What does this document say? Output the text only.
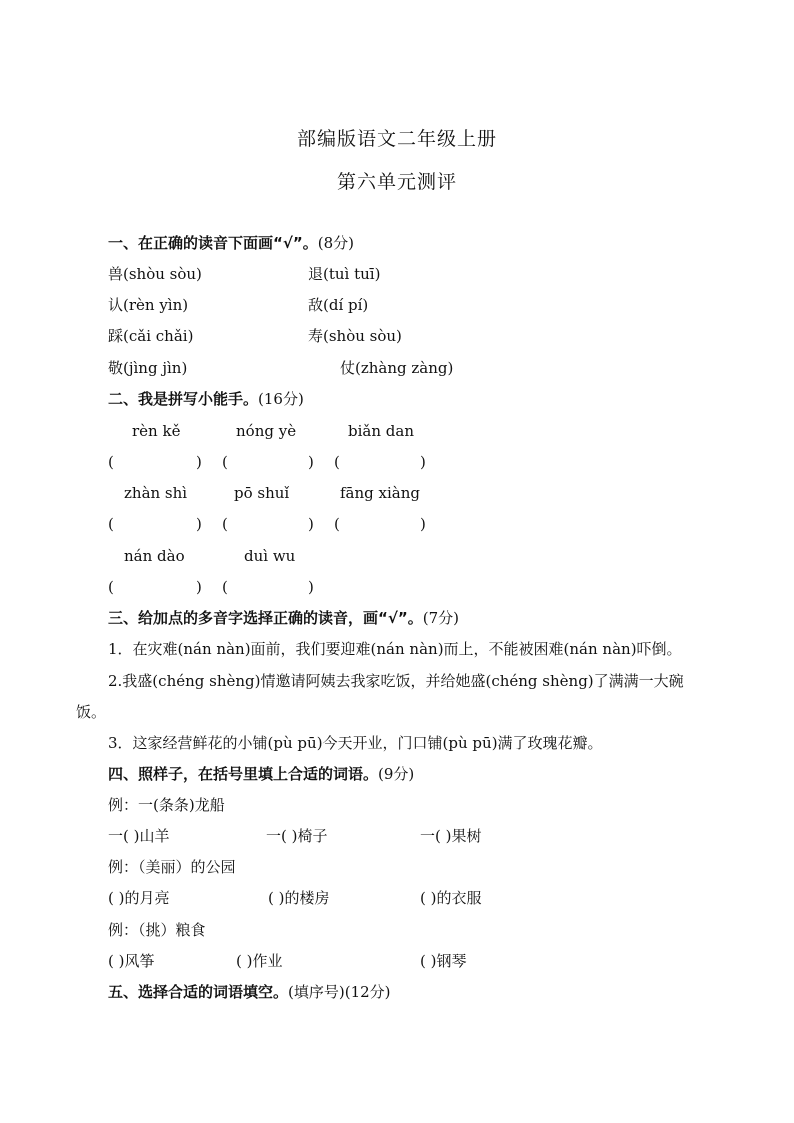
部编版语文二年级上册
第六单元测评
一、在正确的读音下面画“√”。(8分)
兽(shòu sòu)	退(tuì tuī)
认(rèn yìn)	敌(dí pí)
踩(cǎi chǎi)	寿(shòu sòu)
敬(jìng jìn)	仗(zhàng zàng)
二、我是拼写小能手。(16分)
rèn kě	nóng yè	biǎn dan
(	) (	) (	)
zhàn shì	pō shuǐ	fāng xiàng
(	) (	) (	)
nán dào	duì wu
(	) (	)
三、给加点的多音字选择正确的读音，画“√”。(7分)
1．在灾难(nán nàn)面前，我们要迎难(nán nàn)而上，不能被困难(nán nàn)吓倒。
2.我盛(chéng shèng)情邀请阿姨去我家吃饭，并给她盛(chéng shèng)了满满一大碗
饭。
3．这家经营鲜花的小铺(pù pū)今天开业，门口铺(pù pū)满了玫瑰花瓣。
四、照样子，在括号里填上合适的词语。(9分)
例：一(条条)龙船
一( )山羊	一( )椅子	一( )果树
例：（美丽）的公园
( )的月亮	( )的楼房	( )的衣服
例：（挑）粮食
( )风筝	( )作业	( )钢琴
五、选择合适的词语填空。(填序号)(12分)
